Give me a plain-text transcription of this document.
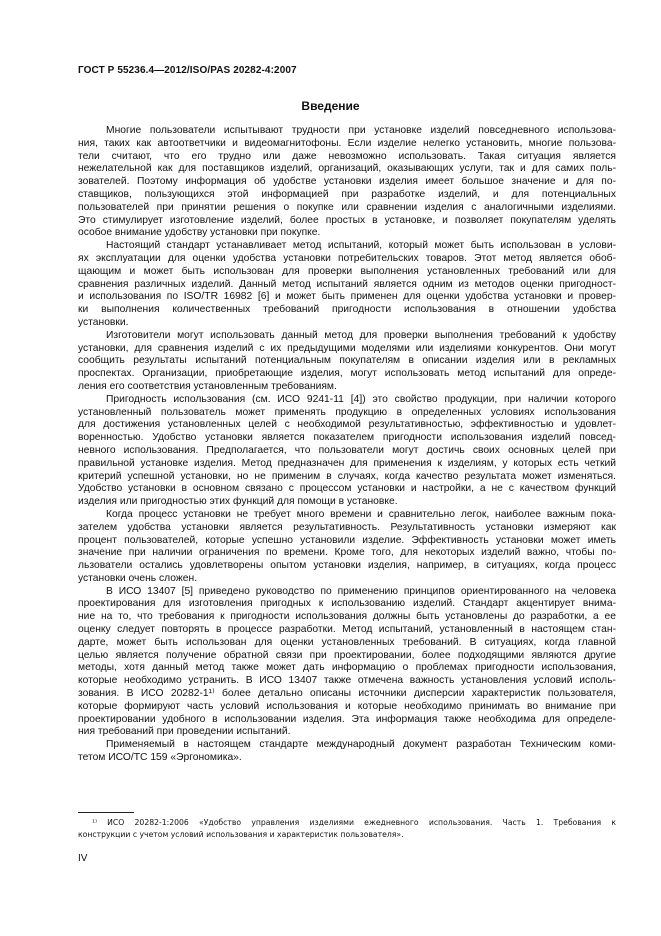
ГОСТ Р 55236.4—2012/ISO/PAS 20282-4:2007
Введение
Многие пользователи испытывают трудности при установке изделий повседневного использова-
ния, таких как автоответчики и видеомагнитофоны. Если изделие нелегко установить, многие пользова-
тели считают, что его трудно или даже невозможно использовать. Такая ситуация является
нежелательной как для поставщиков изделий, организаций, оказывающих услуги, так и для самих поль-
зователей. Поэтому информация об удобстве установки изделия имеет большое значение и для по-
ставщиков, пользующихся этой информацией при разработке изделий, и для потенциальных
пользователей при принятии решения о покупке или сравнении изделия с аналогичными изделиями.
Это стимулирует изготовление изделий, более простых в установке, и позволяет покупателям уделять
особое внимание удобству установки при покупке.
Настоящий стандарт устанавливает метод испытаний, который может быть использован в услови-
ях эксплуатации для оценки удобства установки потребительских товаров. Этот метод является обоб-
щающим и может быть использован для проверки выполнения установленных требований или для
сравнения различных изделий. Данный метод испытаний является одним из методов оценки пригодност-
и использования по ISO/TR 16982 [6] и может быть применен для оценки удобства установки и провер-
ки выполнения количественных требований пригодности использования в отношении удобства
установки.
Изготовители могут использовать данный метод для проверки выполнения требований к удобству
установки, для сравнения изделий с их предыдущими моделями или изделиями конкурентов. Они могут
сообщить результаты испытаний потенциальным покупателям в описании изделия или в рекламных
проспектах. Организации, приобретающие изделия, могут использовать метод испытаний для опреде-
ления его соответствия установленным требованиям.
Пригодность использования (см. ИСО 9241-11 [4]) это свойство продукции, при наличии которого
установленный пользователь может применять продукцию в определенных условиях использования
для достижения установленных целей с необходимой результативностью, эффективностью и удовлет-
воренностью. Удобство установки является показателем пригодности использования изделий повсед-
невного использования. Предполагается, что пользователи могут достичь своих основных целей при
правильной установке изделия. Метод предназначен для применения к изделиям, у которых есть четкий
критерий успешной установки, но не применим в случаях, когда качество результата может изменяться.
Удобство установки в основном связано с процессом установки и настройки, а не с качеством функций
изделия или пригодностью этих функций для помощи в установке.
Когда процесс установки не требует много времени и сравнительно легок, наиболее важным пока-
зателем удобства установки является результативность. Результативность установки измеряют как
процент пользователей, которые успешно установили изделие. Эффективность установки может иметь
значение при наличии ограничения по времени. Кроме того, для некоторых изделий важно, чтобы по-
льзователи остались удовлетворены опытом установки изделия, например, в ситуациях, когда процесс
установки очень сложен.
В ИСО 13407 [5] приведено руководство по применению принципов ориентированного на человека
проектирования для изготовления пригодных к использованию изделий. Стандарт акцентирует внима-
ние на то, что требования к пригодности использования должны быть установлены до разработки, а ее
оценку следует повторять в процессе разработки. Метод испытаний, установленный в настоящем стан-
дарте, может быть использован для оценки установленных требований. В ситуациях, когда главной
целью является получение обратной связи при проектировании, более подходящими являются другие
методы, хотя данный метод также может дать информацию о проблемах пригодности использования,
которые необходимо устранить. В ИСО 13407 также отмечена важность установления условий исполь-
зования. В ИСО 20282-1¹⁾ более детально описаны источники дисперсии характеристик пользователя,
которые формируют часть условий использования и которые необходимо принимать во внимание при
проектировании удобного в использовании изделия. Эта информация также необходима для определе-
ния требований при проведении испытаний.
Применяемый в настоящем стандарте международный документ разработан Техническим коми-
тетом ИСО/ТС 159 «Эргономика».
¹⁾ ИСО 20282-1:2006 «Удобство управления изделиями ежедневного использования. Часть 1. Требования к
конструкции с учетом условий использования и характеристик пользователя».
IV
